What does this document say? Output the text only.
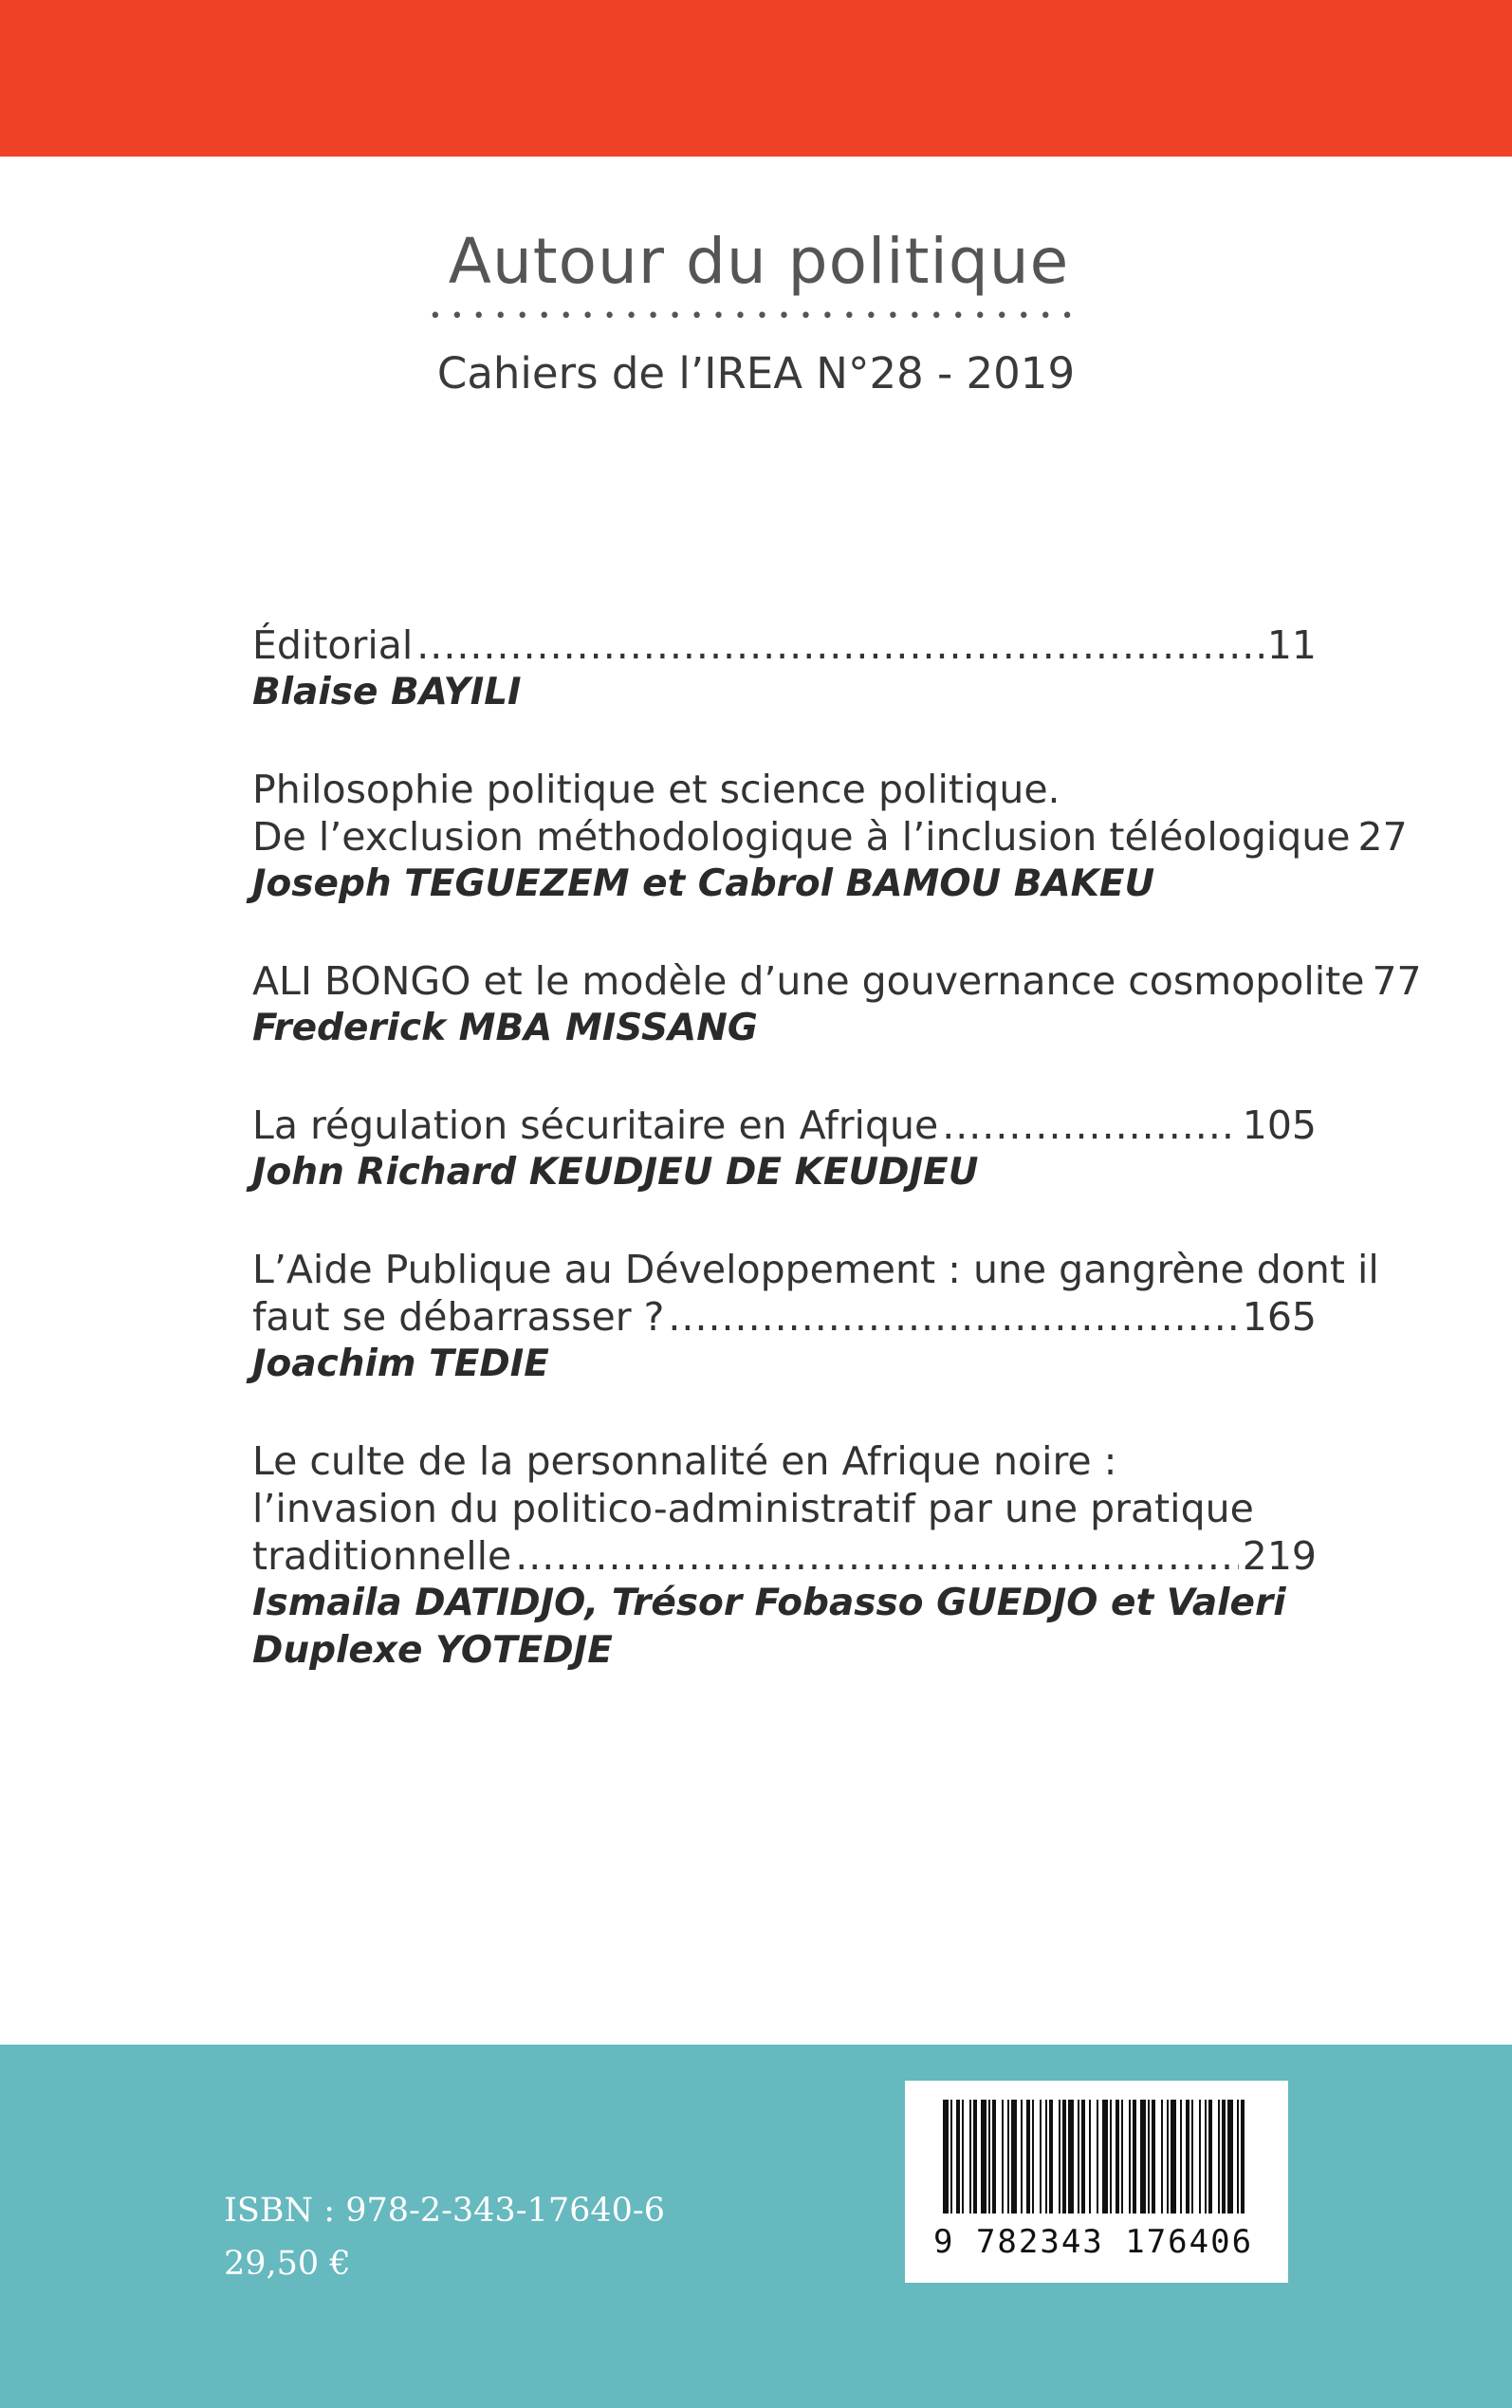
Autour du politique
••••••••••••••••••••••••••••••
Cahiers de l’IREA N°28 - 2019
Éditorial .....	11
Blaise BAYILI
Philosophie politique et science politique.
De l’exclusion méthodologique à l’inclusion téléologique 27
Joseph TEGUEZEM et Cabrol BAMOU BAKEU
ALI BONGO et le modèle d’une gouvernance cosmopolite 77
Frederick MBA MISSANG
La régulation sécuritaire en Afrique .....	105
John Richard KEUDJEU DE KEUDJEU
L’Aide Publique au Développement : une gangrène dont il
faut se débarrasser ? .....	165
Joachim TEDIE
Le culte de la personnalité en Afrique noire :
l’invasion du politico-administratif par une pratique
traditionnelle .....	219
Ismaila DATIDJO, Trésor Fobasso GUEDJO et Valeri
Duplexe YOTEDJE
ISBN : 978-2-343-17640-6
29,50 €
9 782343 176406
